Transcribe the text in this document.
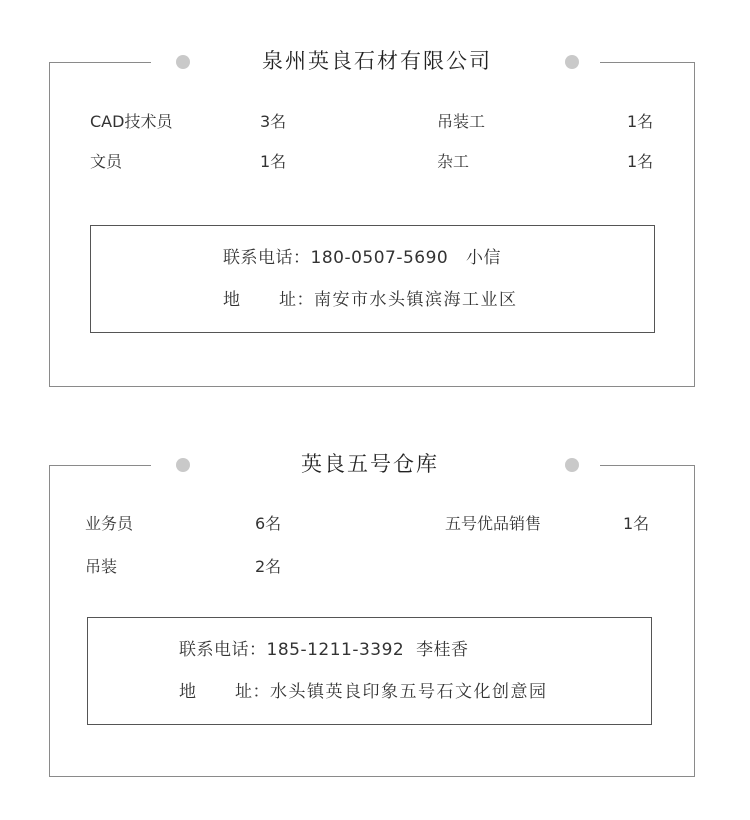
泉州英良石材有限公司
CAD技术员	3名	吊装工	1名
文员	1名	杂工	1名
联系电话：180-0507-5690 小信
地 址：南安市水头镇滨海工业区
英良五号仓库
业务员	6名	五号优品销售	1名
吊装	2名
联系电话：185-1211-3392 李桂香
地 址：水头镇英良印象五号石文化创意园
